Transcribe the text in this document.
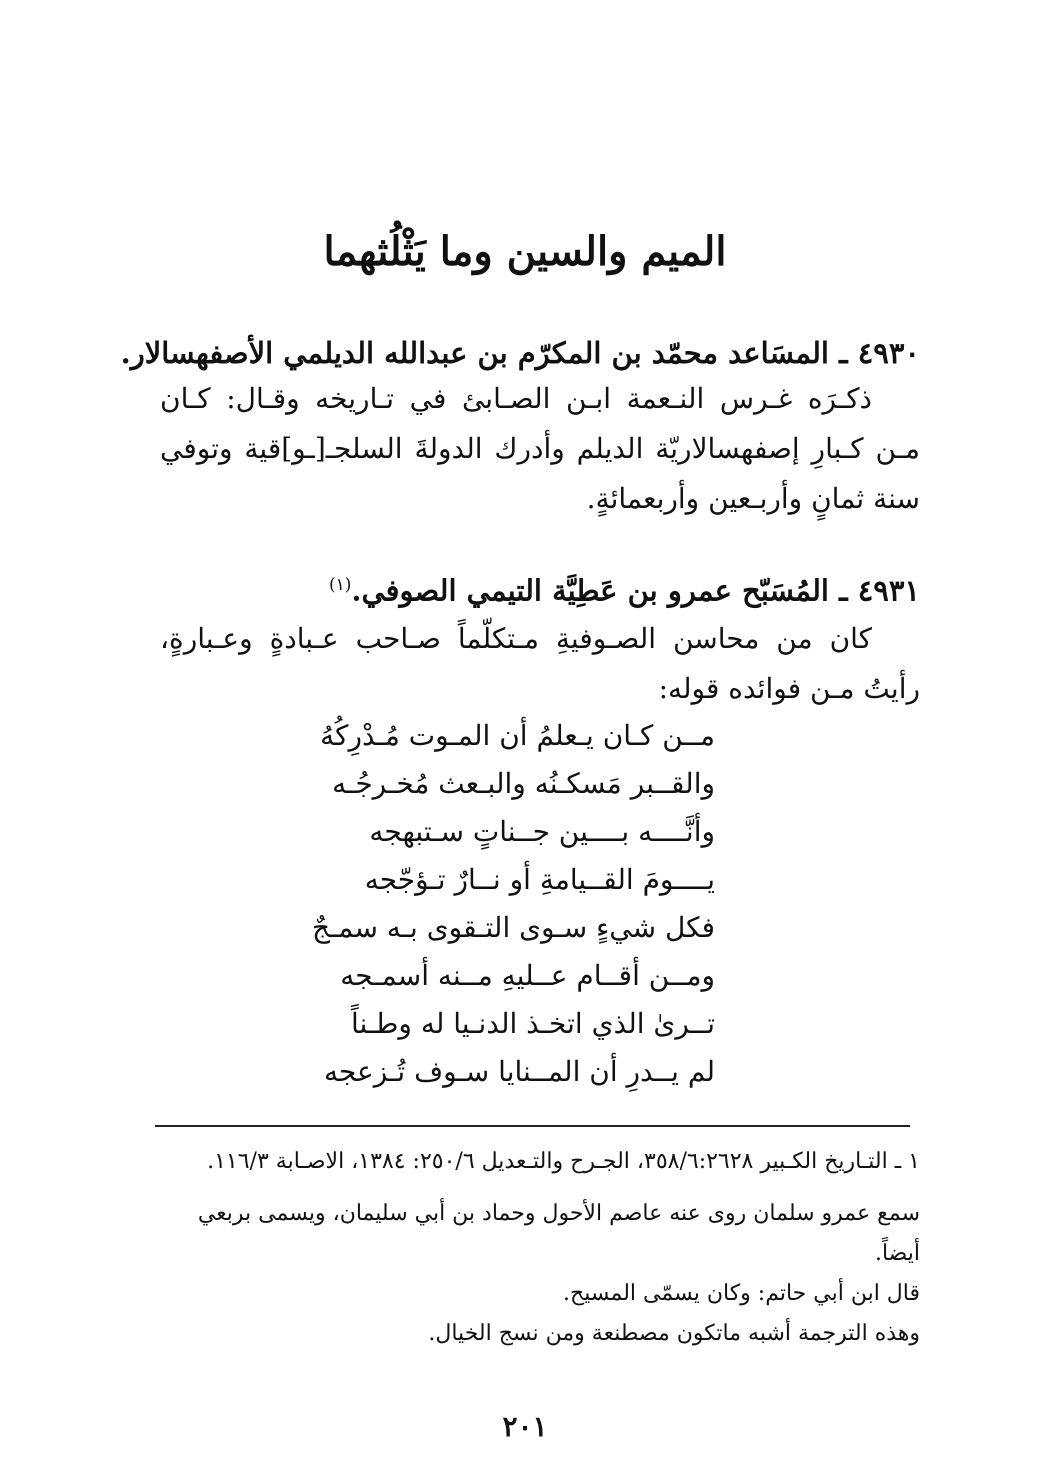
الميم والسين وما يَثْلُثهما
٤٩٣٠ ـ المسَاعد محمّد بن المكرّم بن عبدالله الديلمي الأصفهسالار.
ذكـرَه غـرس النـعمة ابـن الصـابئ في تـاريخه وقـال: كـان مـن كـبارِ إصفهسالاريّة الديلم وأدرك الدولةَ السلجـ[ـو]قية وتوفي سنة ثمانٍ وأربـعين وأربعمائةٍ.
٤٩٣١ ـ المُسَبّح عمرو بن عَطِيَّة التيمي الصوفي.$^{(١)}$
كان من محاسن الصـوفيةِ مـتكلّماً صـاحب عـبادةٍ وعـبارةٍ، رأيتُ مـن فوائده قوله:
مــن كـان يـعلمُ أن المـوت مُـدْرِكُهُ
والقــبر مَسكـنُه والبـعث مُخـرجُـه
وأنَّــــه بــــين جــناتٍ سـتبهجه
يــــومَ القــيامةِ أو نــارٌ تـؤجّجه
فكل شيءٍ سـوى التـقوى بـه سمـجٌ
ومــن أقــام عــليهِ مــنه أسمـجه
تــرىٰ الذي اتخـذ الدنـيا له وطـناً
لم يــدرِ أن المــنايا سـوف تُـزعجه
١ ـ التـاريخ الكـبير ٣٥٨/٦:٢٦٢٨، الجـرح والتـعديل ٢٥٠/٦: ١٣٨٤، الاصـابة ١١٦/٣.
سمع عمرو سلمان روى عنه عاصم الأحول وحماد بن أبي سليمان، ويسمى بربعي أيضاً.
قال ابن أبي حاتم: وكان يسمّى المسيح.
وهذه الترجمة أشبه ماتكون مصطنعة ومن نسج الخيال.
٢٠١
